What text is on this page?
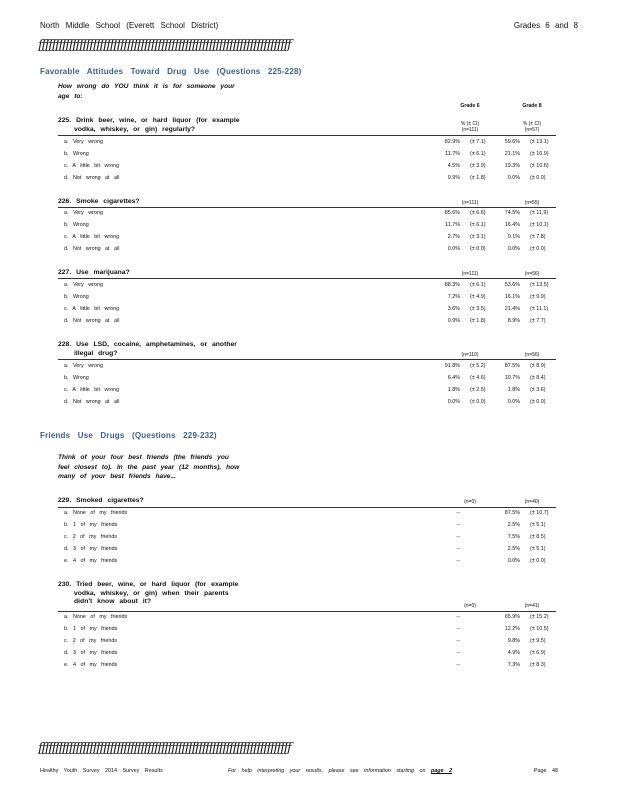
North Middle School (Everett School District)	Grades 6 and 8
ƒƒƒƒƒƒƒƒƒƒƒƒƒƒƒƒƒƒƒƒƒƒƒƒƒƒƒƒƒƒƒƒƒƒƒƒƒƒƒƒƒƒƒƒƒƒƒƒƒƒƒƒƒƒƒƒƒƒƒƒƒƒƒƒƒƒƒƒƒƒƒƒƒƒ
Favorable Attitudes Toward Drug Use (Questions 225-228)
How wrong do YOU think it is for someone your
age to:
Grade 6	Grade 8
225. Drink beer, wine, or hard liquor (for example
vodka, whiskey, or gin) regularly?
% (± CI)	% (± CI)
(n=111)	(n=57)
a. Very wrong	82.9% (± 7.1)	59.6% (± 13.1)
b. Wrong	11.7% (± 6.1)	21.1% (± 10.9)
c. A little bit wrong	4.5% (± 3.9)	19.3% (± 10.6)
d. Not wrong at all	0.9% (± 1.8)	0.0% (± 0.0)
226. Smoke cigarettes?	(n=111)	(n=55)
a. Very wrong	85.6% (± 6.6)	74.5% (± 11.9)
b. Wrong	11.7% (± 6.1)	16.4% (± 10.1)
c. A little bit wrong	2.7% (± 3.1)	9.1% (± 7.8)
d. Not wrong at all	0.0% (± 0.0)	0.0% (± 0.0)
227. Use marijuana?	(n=111)	(n=56)
a. Very wrong	88.3% (± 6.1)	53.6% (± 13.5)
b. Wrong	7.2% (± 4.9)	16.1% (± 9.9)
c. A little bit wrong	3.6% (± 3.5)	21.4% (± 11.1)
d. Not wrong at all	0.9% (± 1.8)	8.9% (± 7.7)
228. Use LSD, cocaine, amphetamines, or another
illegal drug?	(n=110)	(n=56)
a. Very wrong	91.8% (± 5.2)	87.5% (± 8.9)
b. Wrong	6.4% (± 4.6)	10.7% (± 8.4)
c. A little bit wrong	1.8% (± 2.5)	1.8% (± 3.6)
d. Not wrong at all	0.0% (± 0.0)	0.0% (± 0.0)
Friends Use Drugs (Questions 229-232)
Think of your four best friends (the friends you
feel closest to). In the past year (12 months), how
many of your best friends have...
229. Smoked cigarettes?	(n=0)	(n=40)
a. None of my friends	--	87.5% (± 10.7)
b. 1 of my friends	--	2.5% (± 5.1)
c. 2 of my friends	--	7.5% (± 8.5)
d. 3 of my friends	--	2.5% (± 5.1)
e. 4 of my friends	--	0.0% (± 0.0)
230. Tried beer, wine, or hard liquor (for example
vodka, whiskey, or gin) when their parents
didn't know about it?
(n=0)	(n=41)
a. None of my friends	--	65.9% (± 15.2)
b. 1 of my friends	--	12.2% (± 10.5)
c. 2 of my friends	--	9.8% (± 9.5)
d. 3 of my friends	--	4.9% (± 6.9)
e. 4 of my friends	--	7.3% (± 8.3)
ƒƒƒƒƒƒƒƒƒƒƒƒƒƒƒƒƒƒƒƒƒƒƒƒƒƒƒƒƒƒƒƒƒƒƒƒƒƒƒƒƒƒƒƒƒƒƒƒƒƒƒƒƒƒƒƒƒƒƒƒƒƒƒƒƒƒƒƒƒƒƒƒƒƒ
Healthy Youth Survey 2014 Survey Results	For help interpreting your results, please see information starting on page 2	Page 48
